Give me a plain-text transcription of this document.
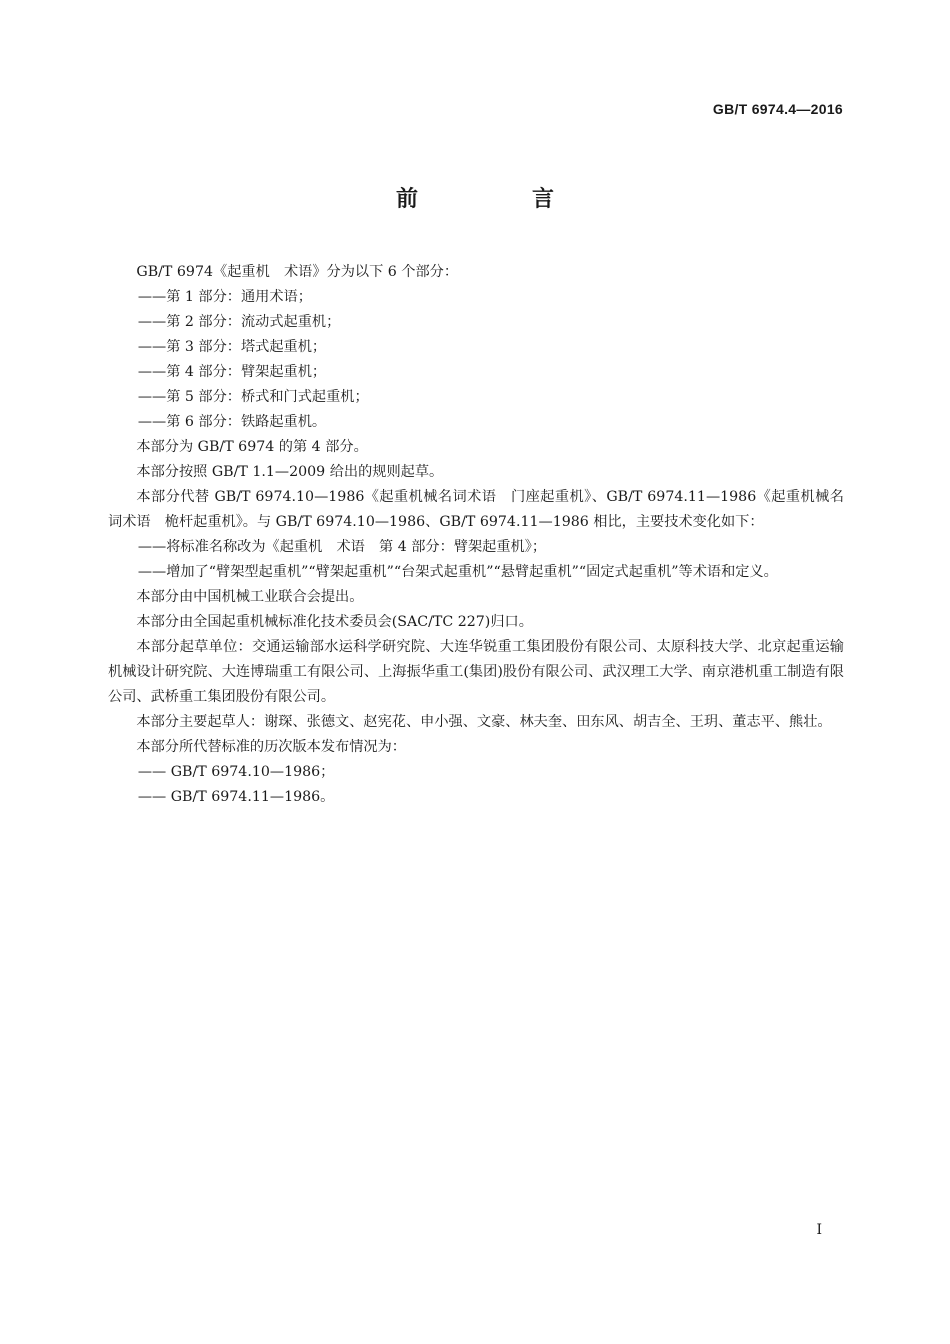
GB/T 6974.4—2016
前　言

GB/T 6974《起重机　术语》分为以下 6 个部分：

——第 1 部分：通用术语；

——第 2 部分：流动式起重机；

——第 3 部分：塔式起重机；

——第 4 部分：臂架起重机；

——第 5 部分：桥式和门式起重机；

——第 6 部分：铁路起重机。

本部分为 GB/T 6974 的第 4 部分。

本部分按照 GB/T 1.1—2009 给出的规则起草。

本部分代替 GB/T 6974.10—1986《起重机械名词术语　门座起重机》、GB/T 6974.11—1986《起重机械名词术语　桅杆起重机》。与 GB/T 6974.10—1986、GB/T 6974.11—1986 相比，主要技术变化如下：

——将标准名称改为《起重机　术语　第 4 部分：臂架起重机》；

——增加了“臂架型起重机”“臂架起重机”“台架式起重机”“悬臂起重机”“固定式起重机”等术语和定义。

本部分由中国机械工业联合会提出。

本部分由全国起重机械标准化技术委员会(SAC/TC 227)归口。

本部分起草单位：交通运输部水运科学研究院、大连华锐重工集团股份有限公司、太原科技大学、北京起重运输机械设计研究院、大连博瑞重工有限公司、上海振华重工(集团)股份有限公司、武汉理工大学、南京港机重工制造有限公司、武桥重工集团股份有限公司。

本部分主要起草人：谢琛、张德文、赵宪花、申小强、文豪、林夫奎、田东风、胡吉全、王玥、董志平、熊壮。

本部分所代替标准的历次版本发布情况为：

—— GB/T 6974.10—1986；

—— GB/T 6974.11—1986。

I
